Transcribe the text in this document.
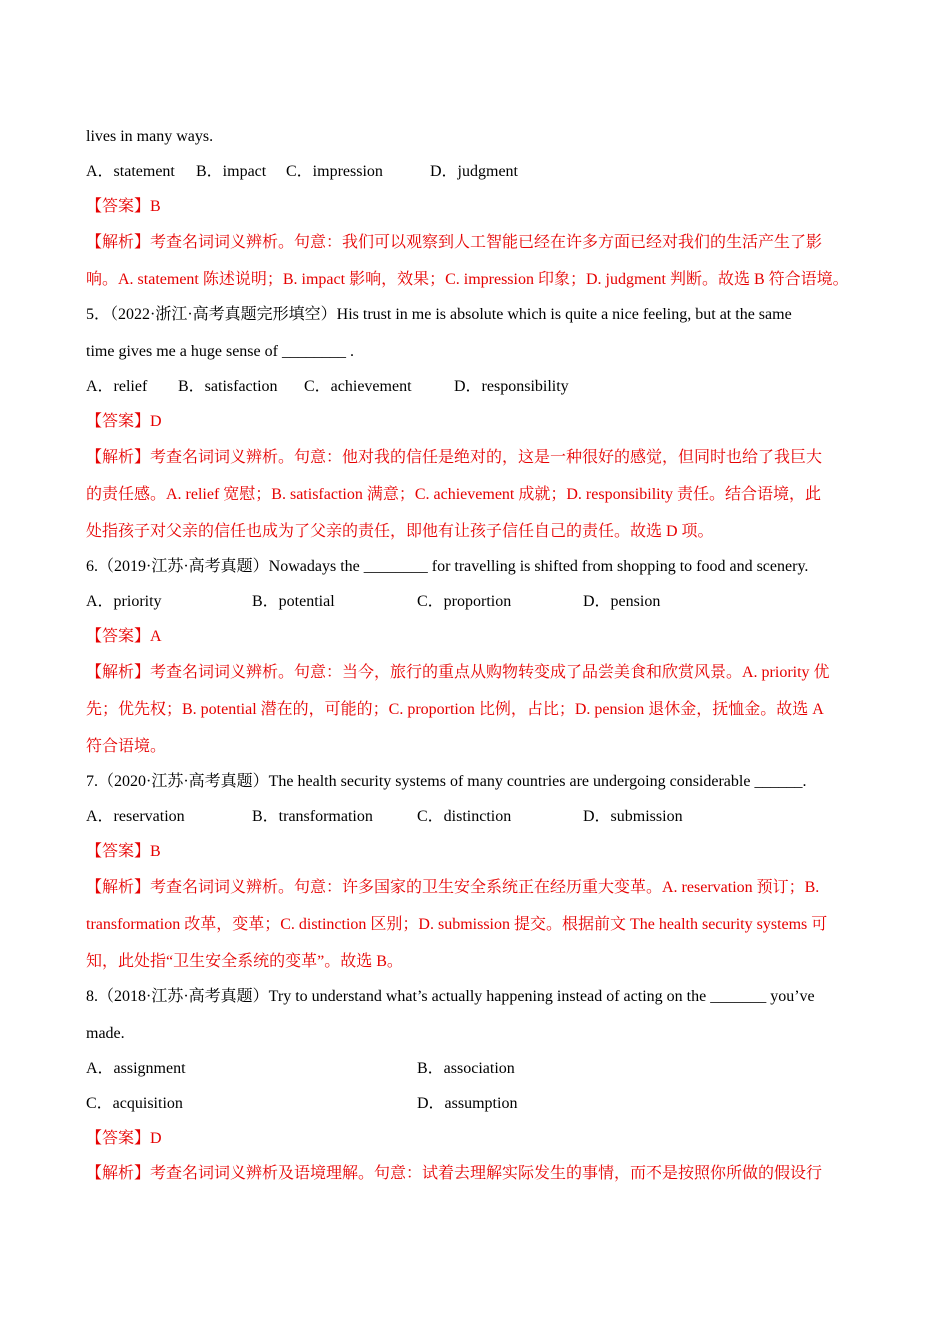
lives in many ways.
A．statement B．impact C．impression	D．judgment
【答案】B
【解析】考查名词词义辨析。句意：我们可以观察到人工智能已经在许多方面已经对我们的生活产生了影
响。A. statement 陈述说明；B. impact 影响，效果；C. impression 印象；D. judgment 判断。故选 B 符合语境。
5．（2022·浙江·高考真题完形填空）His trust in me is absolute which is quite a nice feeling, but at the same
time gives me a huge sense of ________ .
A．relief B．satisfaction C．achievement	D．responsibility
【答案】D
【解析】考查名词词义辨析。句意：他对我的信任是绝对的，这是一种很好的感觉，但同时也给了我巨大
的责任感。A. relief 宽慰；B. satisfaction 满意；C. achievement 成就；D. responsibility 责任。结合语境，此
处指孩子对父亲的信任也成为了父亲的责任，即他有让孩子信任自己的责任。故选 D 项。
6.（2019·江苏·高考真题）Nowadays the ________ for travelling is shifted from shopping to food and scenery.
A．priority	B．potential	C．proportion	D．pension
【答案】A
【解析】考查名词词义辨析。句意：当今，旅行的重点从购物转变成了品尝美食和欣赏风景。A. priority 优
先；优先权；B. potential 潜在的，可能的；C. proportion 比例，占比；D. pension 退休金，抚恤金。故选 A
符合语境。
7.（2020·江苏·高考真题）The health security systems of many countries are undergoing considerable ______.
A．reservation	B．transformation	C．distinction	D．submission
【答案】B
【解析】考查名词词义辨析。句意：许多国家的卫生安全系统正在经历重大变革。A. reservation 预订；B.
transformation 改革，变革；C. distinction 区别；D. submission 提交。根据前文 The health security systems 可
知，此处指“卫生安全系统的变革”。故选 B。
8.（2018·江苏·高考真题）Try to understand what’s actually happening instead of acting on the _______ you’ve
made.
A．assignment	B．association
C．acquisition	D．assumption
【答案】D
【解析】考查名词词义辨析及语境理解。句意：试着去理解实际发生的事情，而不是按照你所做的假设行
